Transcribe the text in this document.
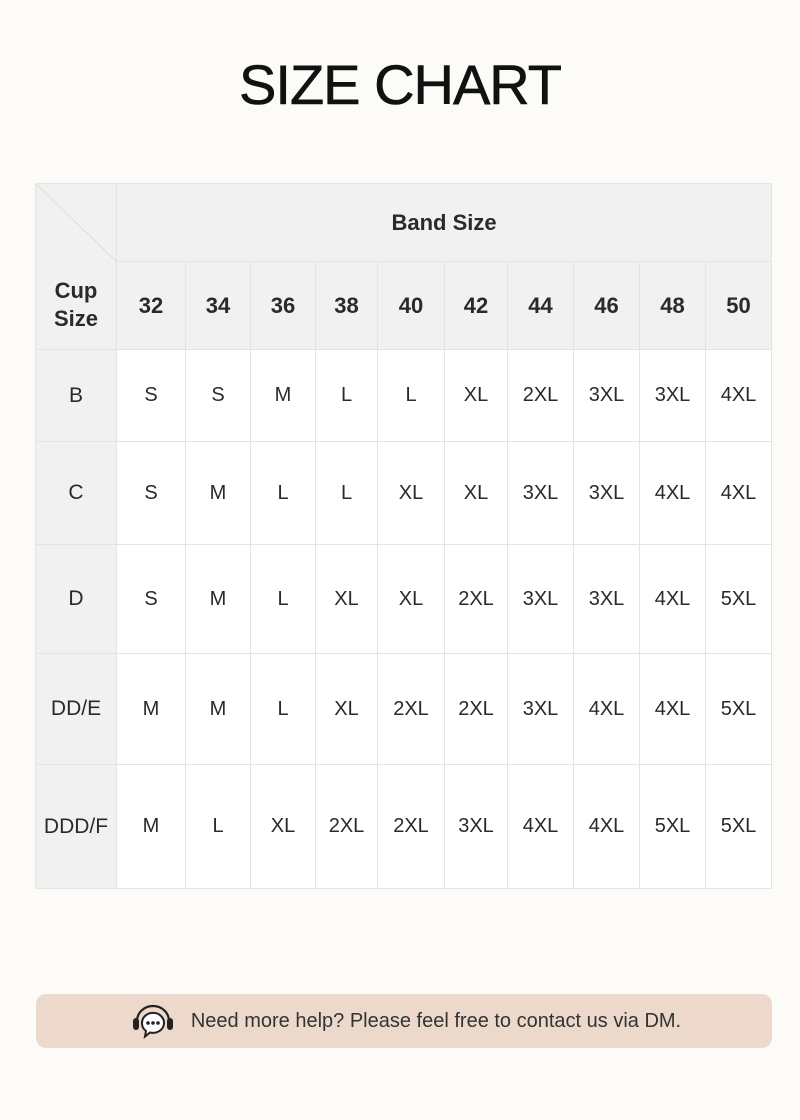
SIZE CHART
	Band Size									

Cup
Size	32	34	36	38	40	42	44	46	48	50
B	S	S	M	L	L	XL	2XL	3XL	3XL	4XL
C	S	M	L	L	XL	XL	3XL	3XL	4XL	4XL
D	S	M	L	XL	XL	2XL	3XL	3XL	4XL	5XL
DD/E	M	M	L	XL	2XL	2XL	3XL	4XL	4XL	5XL
DDD/F	M	L	XL	2XL	2XL	3XL	4XL	4XL	5XL	5XL
Need more help? Please feel free to contact us via DM.
